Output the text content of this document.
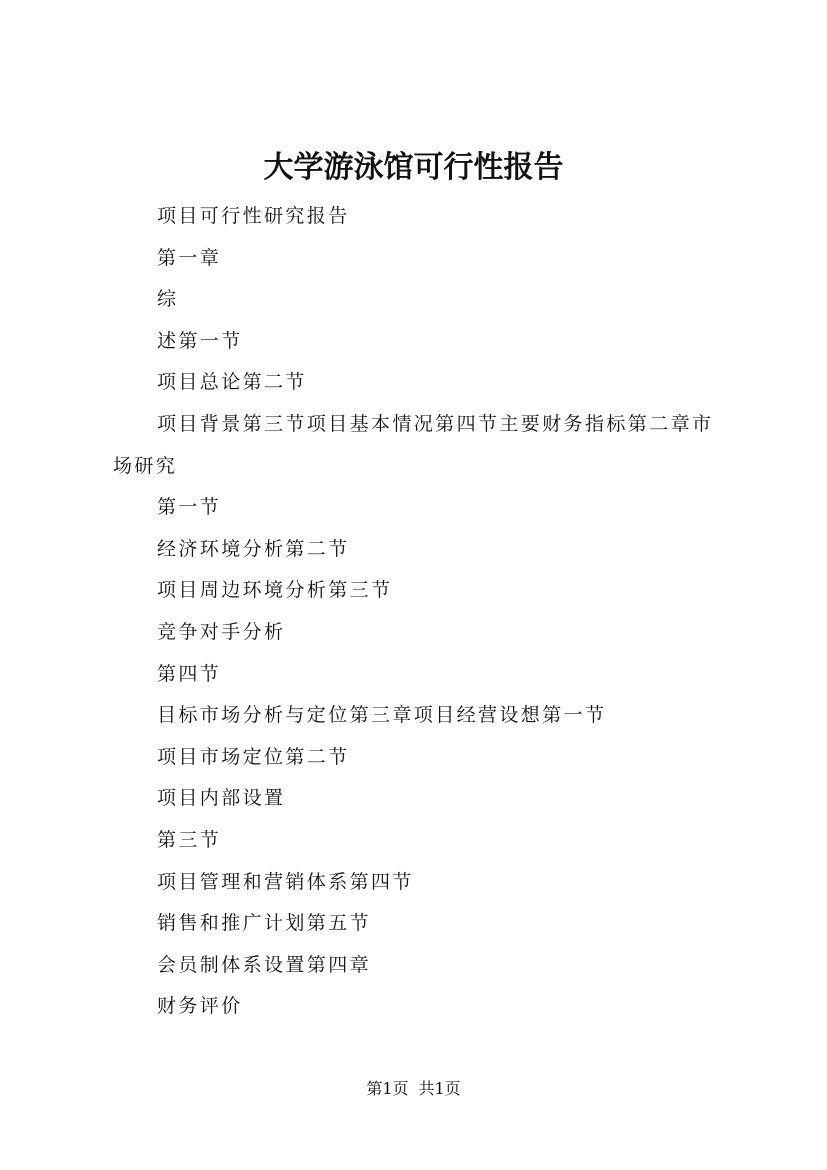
大学游泳馆可行性报告

项目可行性研究报告

第一章

综

述第一节

项目总论第二节

项目背景第三节项目基本情况第四节主要财务指标第二章市场研究

第一节

经济环境分析第二节

项目周边环境分析第三节

竞争对手分析

第四节

目标市场分析与定位第三章项目经营设想第一节

项目市场定位第二节

项目内部设置

第三节

项目管理和营销体系第四节

销售和推广计划第五节

会员制体系设置第四章

财务评价

第1页 共1页
